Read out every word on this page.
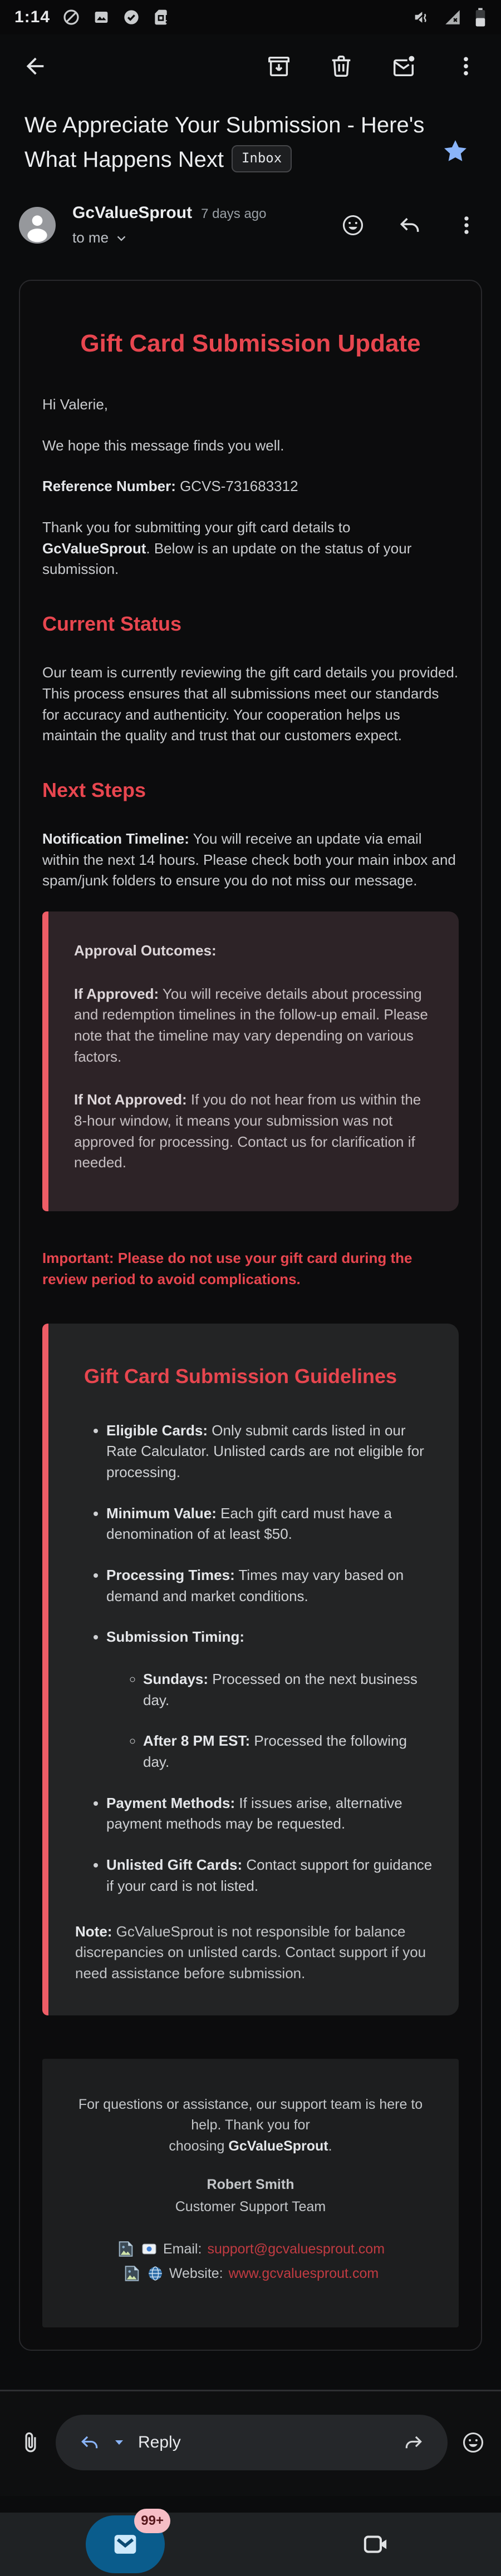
1:14
We Appreciate Your Submission - Here's What Happens Next Inbox
GcValueSprout 7 days ago
to me
Gift Card Submission Update

Hi Valerie,

We hope this message finds you well.

Reference Number: GCVS-731683312

Thank you for submitting your gift card details to GcValueSprout. Below is an update on the status of your submission.

Current Status

Our team is currently reviewing the gift card details you provided. This process ensures that all submissions meet our standards for accuracy and authenticity. Your cooperation helps us maintain the quality and trust that our customers expect.

Next Steps

Notification Timeline: You will receive an update via email within the next 14 hours. Please check both your main inbox and spam/junk folders to ensure you do not miss our message.

Approval Outcomes:

If Approved: You will receive details about processing and redemption timelines in the follow-up email. Please note that the timeline may vary depending on various factors.

If Not Approved: If you do not hear from us within the 8-hour window, it means your submission was not approved for processing. Contact us for clarification if needed.

Important: Please do not use your gift card during the review period to avoid complications.
Gift Card Submission Guidelines
• Eligible Cards: Only submit cards listed in our Rate Calculator. Unlisted cards are not eligible for processing.
• Minimum Value: Each gift card must have a denomination of at least $50.
• Processing Times: Times may vary based on demand and market conditions.
• Submission Timing:
◦ Sundays: Processed on the next business day.
◦ After 8 PM EST: Processed the following day.
• Payment Methods: If issues arise, alternative payment methods may be requested.
• Unlisted Gift Cards: Contact support for guidance if your card is not listed.

Note: GcValueSprout is not responsible for balance discrepancies on unlisted cards. Contact support if you need assistance before submission.

For questions or assistance, our support team is here to help. Thank you for
choosing GcValueSprout.

Robert Smith

Customer Support Team

Email: support@gcvaluesprout.com
Website: www.gcvaluesprout.com
Reply
99+
